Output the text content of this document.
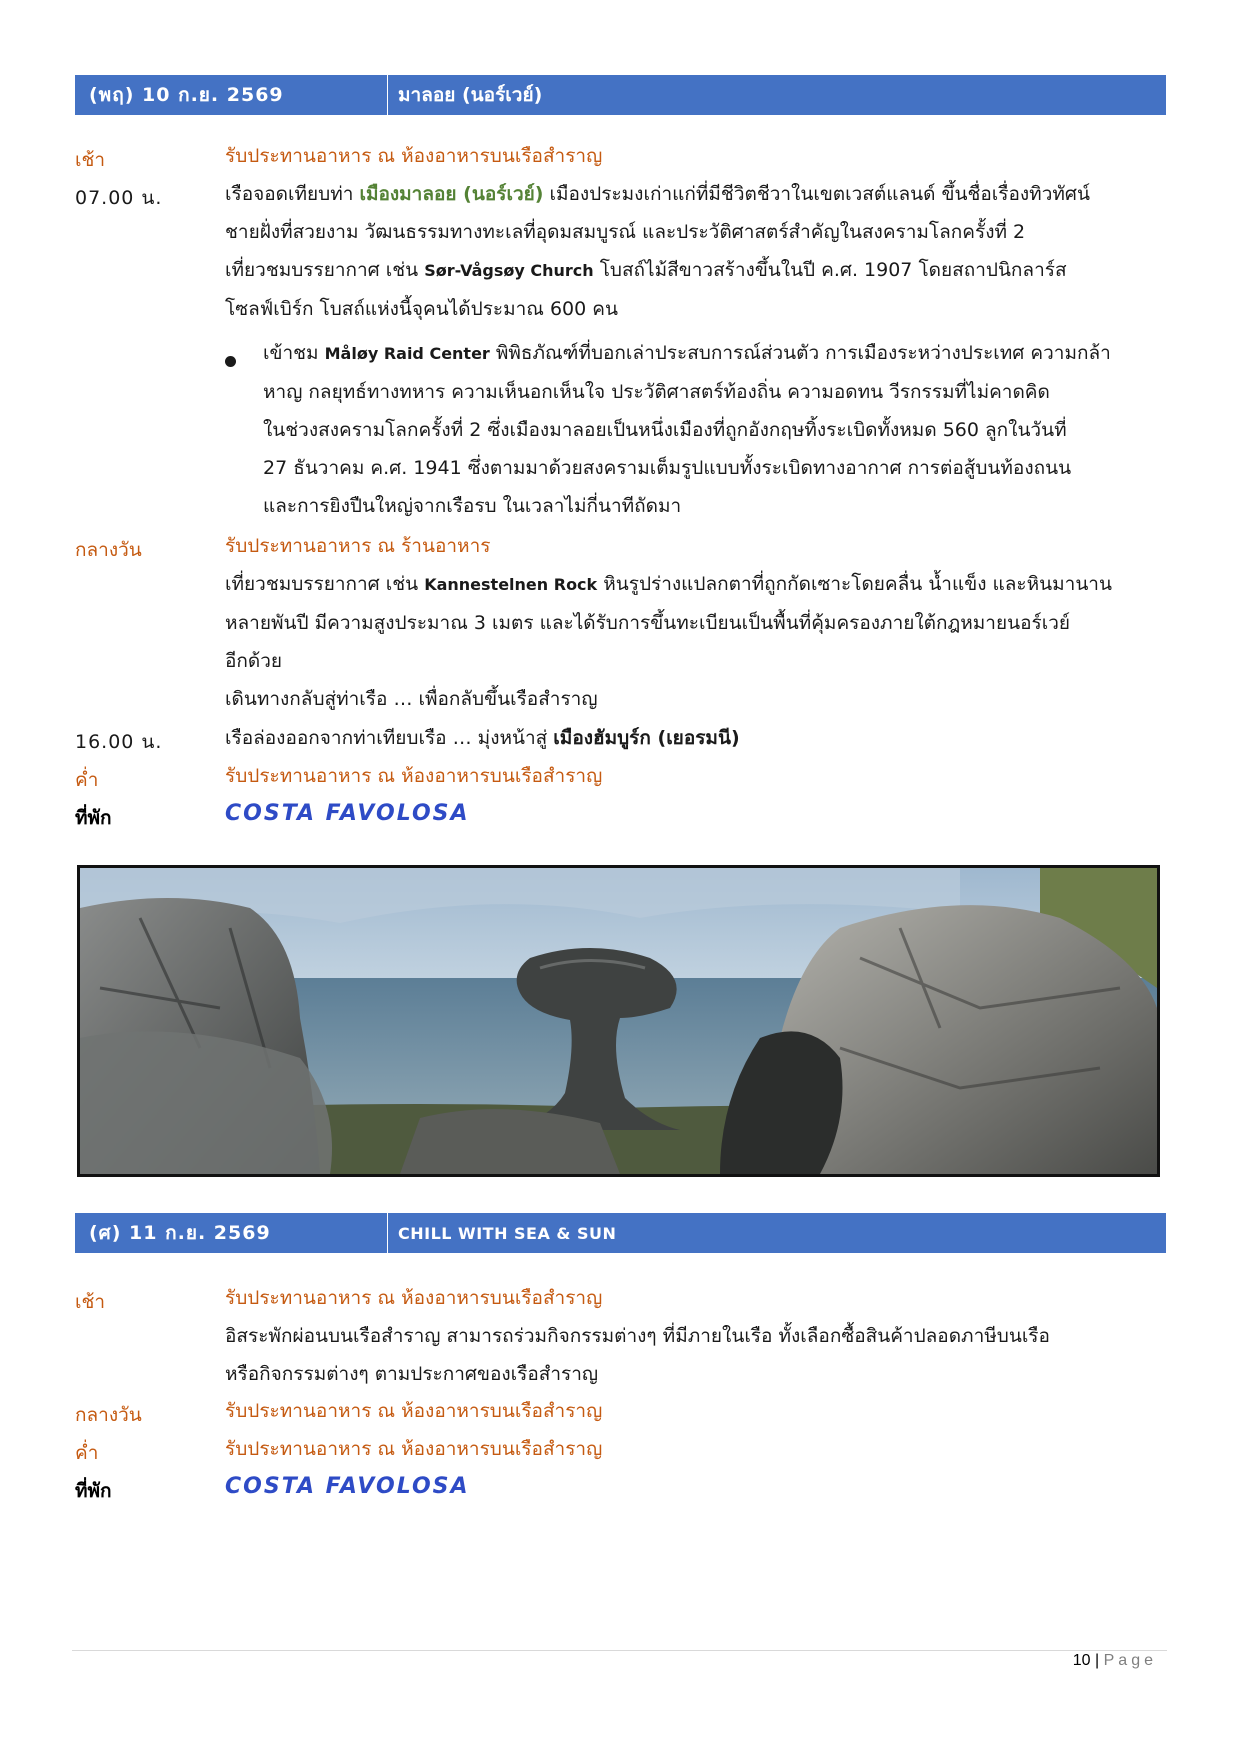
(พฤ) 10 ก.ย. 2569	มาลอย (นอร์เวย์)
เช้า	รับประทานอาหาร ณ ห้องอาหารบนเรือสำราญ
07.00 น.	เรือจอดเทียบท่า เมืองมาลอย (นอร์เวย์) เมืองประมงเก่าแก่ที่มีชีวิตชีวาในเขตเวสต์แลนด์ ขึ้นชื่อเรื่องทิวทัศน์
ชายฝั่งที่สวยงาม วัฒนธรรมทางทะเลที่อุดมสมบูรณ์ และประวัติศาสตร์สำคัญในสงครามโลกครั้งที่ 2
เที่ยวชมบรรยากาศ เช่น Sør-Vågsøy Church โบสถ์ไม้สีขาวสร้างขึ้นในปี ค.ศ. 1907 โดยสถาปนิกลาร์ส
โซลฟ์เบิร์ก โบสถ์แห่งนี้จุคนได้ประมาณ 600 คน
เข้าชม Måløy Raid Center พิพิธภัณฑ์ที่บอกเล่าประสบการณ์ส่วนตัว การเมืองระหว่างประเทศ ความกล้า
หาญ กลยุทธ์ทางทหาร ความเห็นอกเห็นใจ ประวัติศาสตร์ท้องถิ่น ความอดทน วีรกรรมที่ไม่คาดคิด
ในช่วงสงครามโลกครั้งที่ 2 ซึ่งเมืองมาลอยเป็นหนึ่งเมืองที่ถูกอังกฤษทิ้งระเบิดทั้งหมด 560 ลูกในวันที่
27 ธันวาคม ค.ศ. 1941 ซึ่งตามมาด้วยสงครามเต็มรูปแบบทั้งระเบิดทางอากาศ การต่อสู้บนท้องถนน
และการยิงปืนใหญ่จากเรือรบ ในเวลาไม่กี่นาทีถัดมา
กลางวัน	รับประทานอาหาร ณ ร้านอาหาร
เที่ยวชมบรรยากาศ เช่น Kannestelnen Rock หินรูปร่างแปลกตาที่ถูกกัดเซาะโดยคลื่น น้ำแข็ง และหินมานาน
หลายพันปี มีความสูงประมาณ 3 เมตร และได้รับการขึ้นทะเบียนเป็นพื้นที่คุ้มครองภายใต้กฎหมายนอร์เวย์
อีกด้วย
เดินทางกลับสู่ท่าเรือ … เพื่อกลับขึ้นเรือสำราญ
16.00 น.	เรือล่องออกจากท่าเทียบเรือ … มุ่งหน้าสู่ เมืองฮัมบูร์ก (เยอรมนี)
ค่ำ	รับประทานอาหาร ณ ห้องอาหารบนเรือสำราญ
ที่พัก	COSTA FAVOLOSA
(ศ) 11 ก.ย. 2569	CHILL WITH SEA & SUN
เช้า	รับประทานอาหาร ณ ห้องอาหารบนเรือสำราญ
อิสระพักผ่อนบนเรือสำราญ สามารถร่วมกิจกรรมต่างๆ ที่มีภายในเรือ ทั้งเลือกซื้อสินค้าปลอดภาษีบนเรือ
หรือกิจกรรมต่างๆ ตามประกาศของเรือสำราญ
กลางวัน	รับประทานอาหาร ณ ห้องอาหารบนเรือสำราญ
ค่ำ	รับประทานอาหาร ณ ห้องอาหารบนเรือสำราญ
ที่พัก	COSTA FAVOLOSA
10 | Page
